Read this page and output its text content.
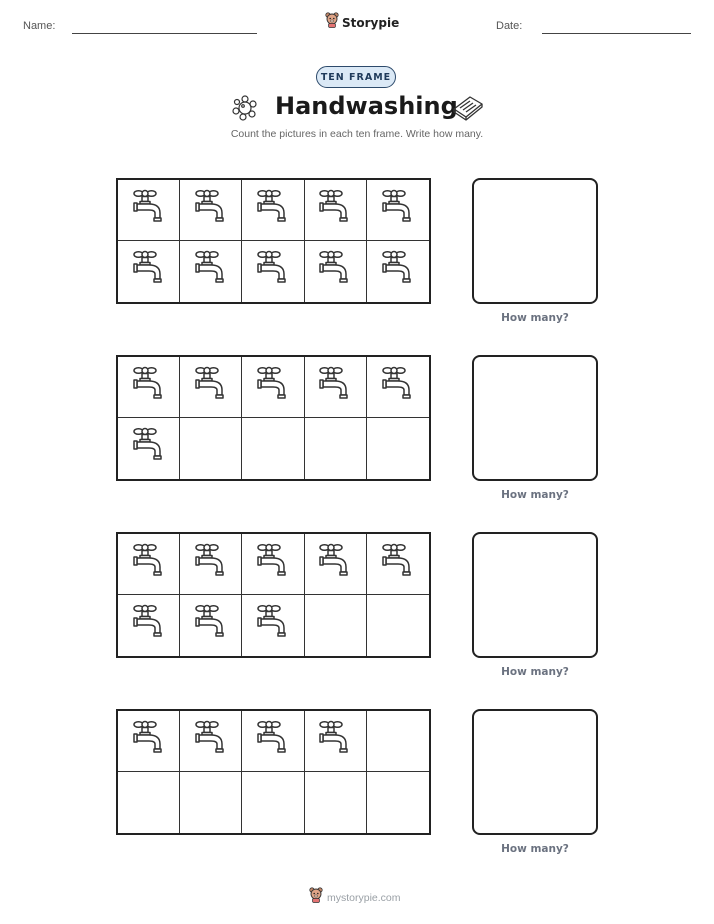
Name:	Storypie	Date:
TEN FRAME
Handwashing
Count the pictures in each ten frame. Write how many.
How many?
How many?
How many?
How many?
mystorypie.com
